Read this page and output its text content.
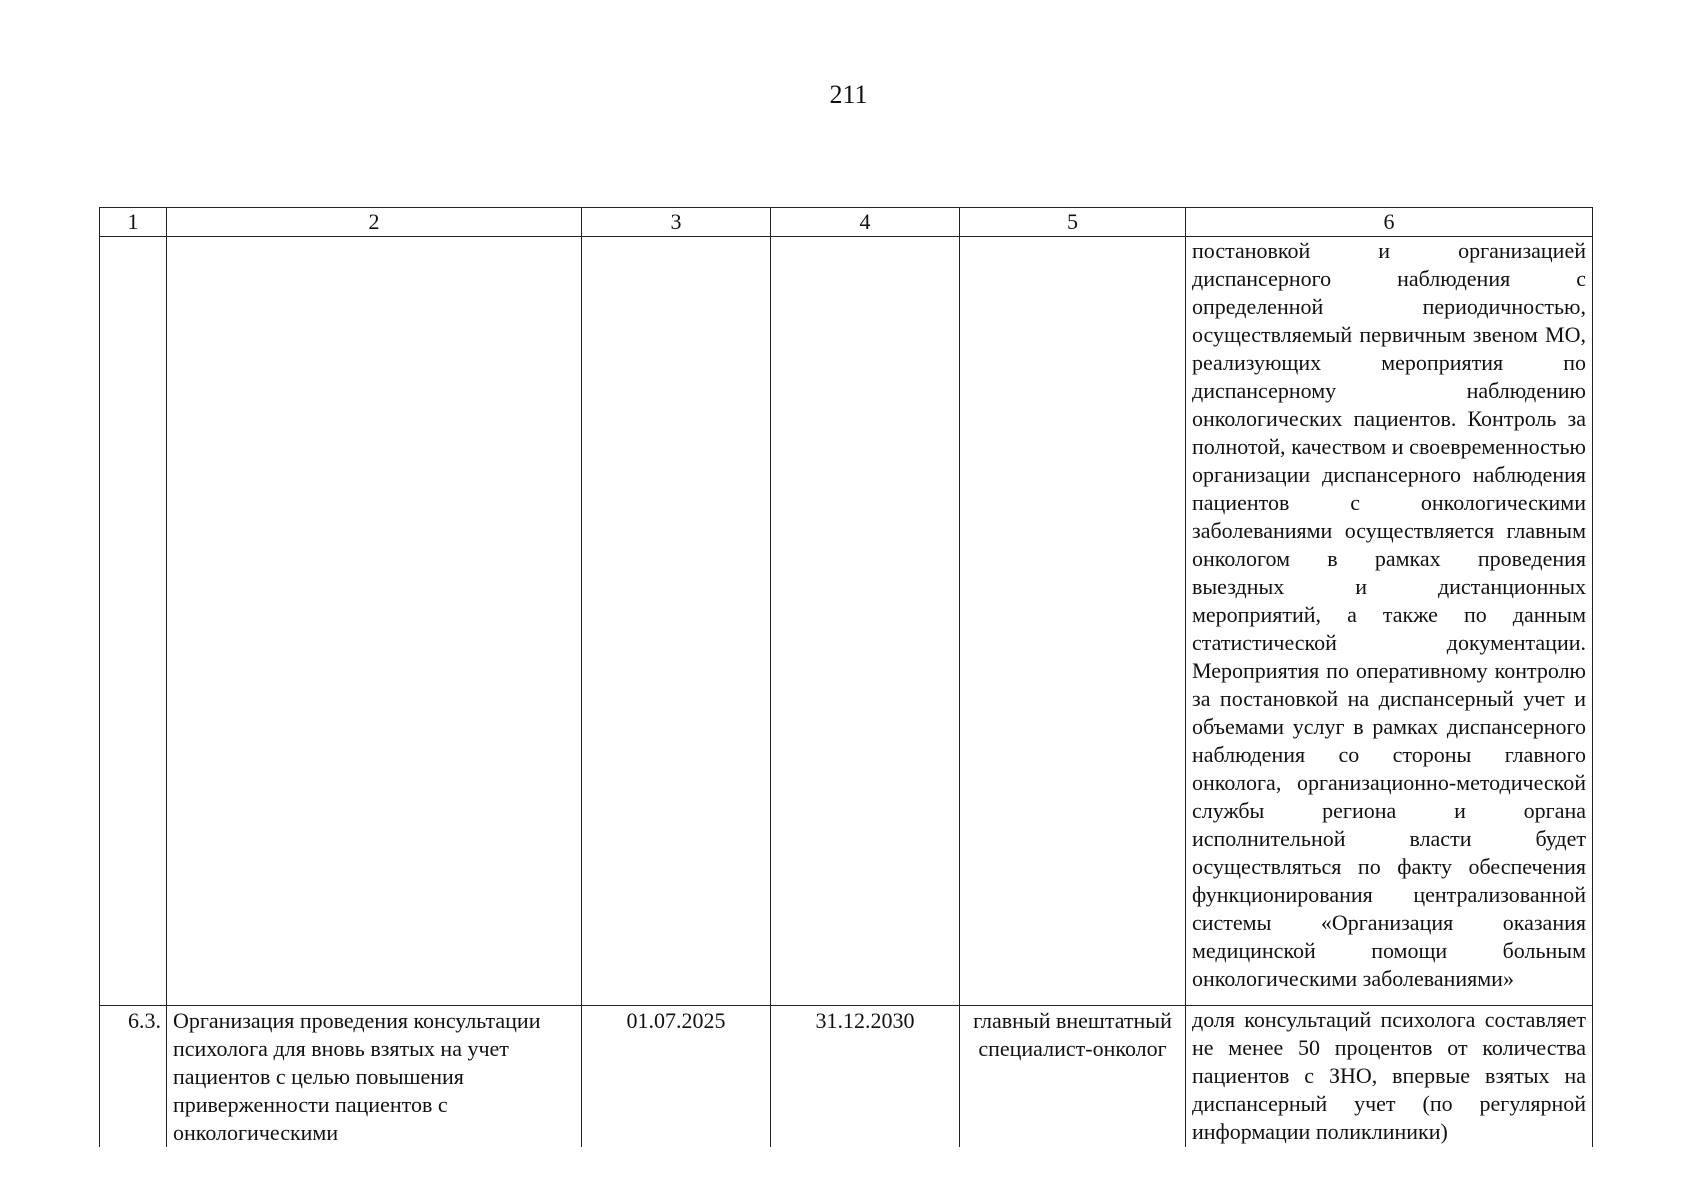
211
1	2	3	4	5	6
					постановкой и организацией диспансерного наблюдения с определенной периодичностью, осуществляемый первичным звеном МО, реализующих мероприятия по диспансерному наблюдению онкологических пациентов. Контроль за полнотой, качеством и своевременностью организации диспансерного наблюдения пациентов с онкологическими заболеваниями осуществляется главным онкологом в рамках проведения выездных и дистанционных мероприятий, а также по данным статистической документации. Мероприятия по оперативному контролю за постановкой на диспансерный учет и объемами услуг в рамках диспансерного наблюдения со стороны главного онколога, организационно-методической службы региона и органа исполнительной власти будет осуществляться по факту обеспечения функционирования централизованной системы «Организация оказания медицинской помощи больным онкологическими заболеваниями»
6.3.	Организация проведения консультации психолога для вновь взятых на учет пациентов с целью повышения приверженности пациентов с онкологическими	01.07.2025	31.12.2030	главный внештатный специалист-онколог	доля консультаций психолога составляет не менее 50 процентов от количества пациентов с ЗНО, впервые взятых на диспансерный учет (по регулярной информации поликлиники)
